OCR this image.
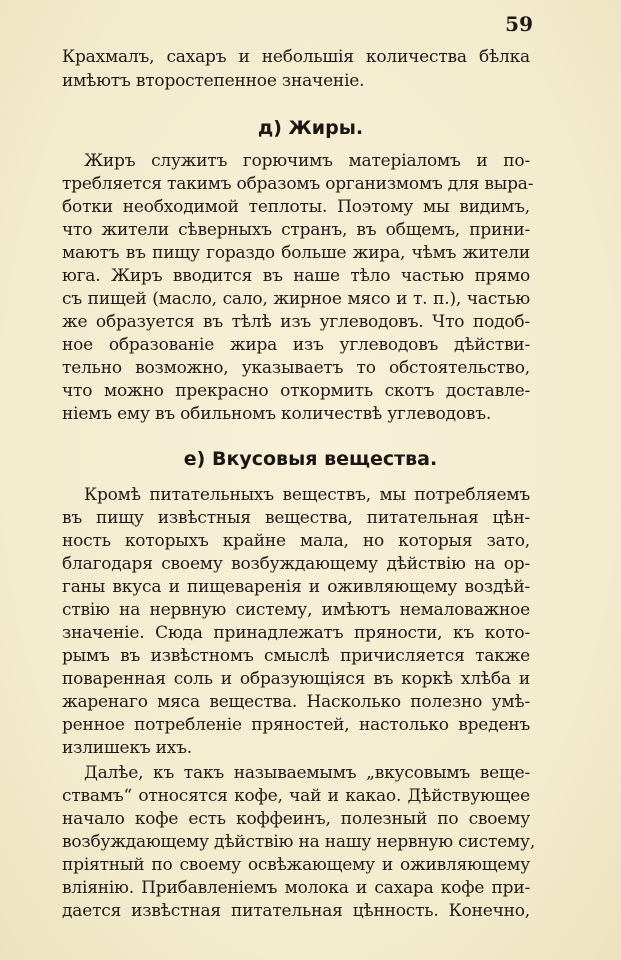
59
Крахмалъ, сахаръ и небольшія количества бѣлка
имѣютъ второстепенное значеніе.
д) Жиры.
Жиръ служитъ горючимъ матеріаломъ и по-
требляется такимъ образомъ организмомъ для выра-
ботки необходимой теплоты. Поэтому мы видимъ,
что жители сѣверныхъ странъ, въ общемъ, прини-
маютъ въ пищу гораздо больше жира, чѣмъ жители
юга. Жиръ вводится въ наше тѣло частью прямо
съ пищей (масло, сало, жирное мясо и т. п.), частью
же образуется въ тѣлѣ изъ углеводовъ. Что подоб-
ное образованіе жира изъ углеводовъ дѣйстви-
тельно возможно, указываетъ то обстоятельство,
что можно прекрасно откормить скотъ доставле-
ніемъ ему въ обильномъ количествѣ углеводовъ.
е) Вкусовыя вещества.
Кромѣ питательныхъ веществъ, мы потребляемъ
въ пищу извѣстныя вещества, питательная цѣн-
ность которыхъ крайне мала, но которыя зато,
благодаря своему возбуждающему дѣйствію на ор-
ганы вкуса и пищеваренія и оживляющему воздѣй-
ствію на нервную систему, имѣютъ немаловажное
значеніе. Сюда принадлежатъ пряности, къ кото-
рымъ въ извѣстномъ смыслѣ причисляется также
поваренная соль и образующіяся въ коркѣ хлѣба и
жаренаго мяса вещества. Насколько полезно умѣ-
ренное потребленіе пряностей, настолько вреденъ
излишекъ ихъ.
Далѣе, къ такъ называемымъ „вкусовымъ веще-
ствамъ“ относятся кофе, чай и какао. Дѣйствующее
начало кофе есть коффеинъ, полезный по своему
возбуждающему дѣйствію на нашу нервную систему,
пріятный по своему освѣжающему и оживляющему
вліянію. Прибавленіемъ молока и сахара кофе при-
дается извѣстная питательная цѣнность. Конечно,
